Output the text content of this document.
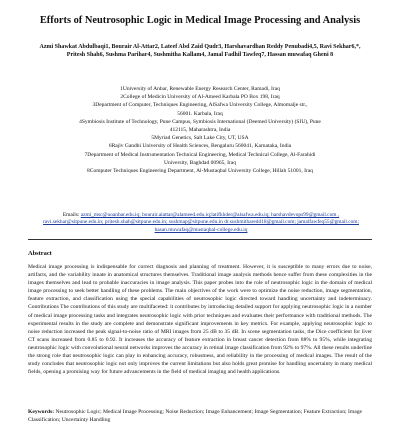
Efforts of Neutrosophic Logic in Medical Image Processing and Analysis
Azmi Shawkat Abdulbaqi1, Bourair Al-Attar2, Lateef Abd Zaid Qudr3, Harshavardhan Reddy Penubadi4,5, Ravi Sekhar6,*, Pritesh Shah6, Sushma Parihar4, Sushmitha Kallam4, Jamal Fadhil Tawfeq7, Hassan muwafaq Gheni 8
1University of Anbar, Renewable Energy Research Center, Ramadi, Iraq
2College of Medicin University of Al-Ameed Karbala PO Box 198, Iraq
3Department of Computer, Techniques Engineering, AlSafwa University College, Almomalje str.,
56001. Karbala, Iraq
4Symbiosis Institute of Technology, Pune Campus, Symbiosis International (Deemed University) (SIU), Pune
412115, Maharashtra, India
5Myriad Genetics, Salt Lake City, UT, USA
6Rajiv Gandhi University of Health Sciences, Bengaluru 560041, Karnataka, India
7Department of Medical Instrumentation Technical Engineering, Medical Technical College, Al-Farahidi
University, Baghdad 00965, Iraq
8Computer Techniques Engineering Department, Al-Mustaqbal University College, Hillah 51001, Iraq
Emails: azmi_msc@uoanbar.edu.iq; bourair.alattar@alameed.edu.iq;latifkhder@alsafwa.edu.iq; harshavdevops99@gmail.com , ravi.sekhar@sitpune.edu.in; pritesh.shah@sitpune.edu.in; sushmap@sitpune.edu.in dr.sushmitharedd18@gmail.com; jamalfawfeq55@gmail.com; hasan.muwafaq@mustaqbal-college.edu.iq
Abstract
Medical image processing is indispensable for correct diagnosis and planning of treatment. However, it is susceptible to many errors due to noise, artifacts, and the variability innate in anatomical structures themselves. Traditional image analysis methods hence suffer from these complexities in the images themselves and lead to probable inaccuracies in image analysis. This paper probes into the role of neutrosophic logic in the domain of medical image processing to seek better handling of these problems. The main objectives of the work were to optimize the noise reduction, image segmentation, feature extraction, and classification using the special capabilities of neutrosophic logic directed toward handling uncertainty and indeterminacy. Contributions The contributions of this study are multifaceted: it contributes by introducing detailed support for applying neutrosophic logic in a number of medical image processing tasks and integrates neutrosophic logic with prior techniques and evaluates their performance with traditional methods. The experimental results in the study are complete and demonstrate significant improvements in key metrics. For example, applying neutrosophic logic to noise reduction increased the peak signal-to-noise ratio of MRI images from 25 dB to 35 dB. In scene segmentation tasks, the Dice coefficient for liver CT scans increased from 0.85 to 0.92. It increases the accuracy of feature extraction in breast cancer detection from 88% to 95%, while integrating neutrosophic logic with convolutional neural networks improves the accuracy in retinal image classification from 92% to 97%. All these results underline the strong role that neutrosophic logic can play in enhancing accuracy, robustness, and reliability in the processing of medical images. The result of the study concludes that neutrosophic logic not only improves the current limitations but also holds great promise for handling uncertainty in many medical fields, opening a promising way for future advancements in the field of medical imaging and health applications.
Keywords: Neutrosophic Logic; Medical Image Processing; Noise Reduction; Image Enhancement; Image Segmentation; Feature Extraction; Image Classification; Uncertainty Handling
